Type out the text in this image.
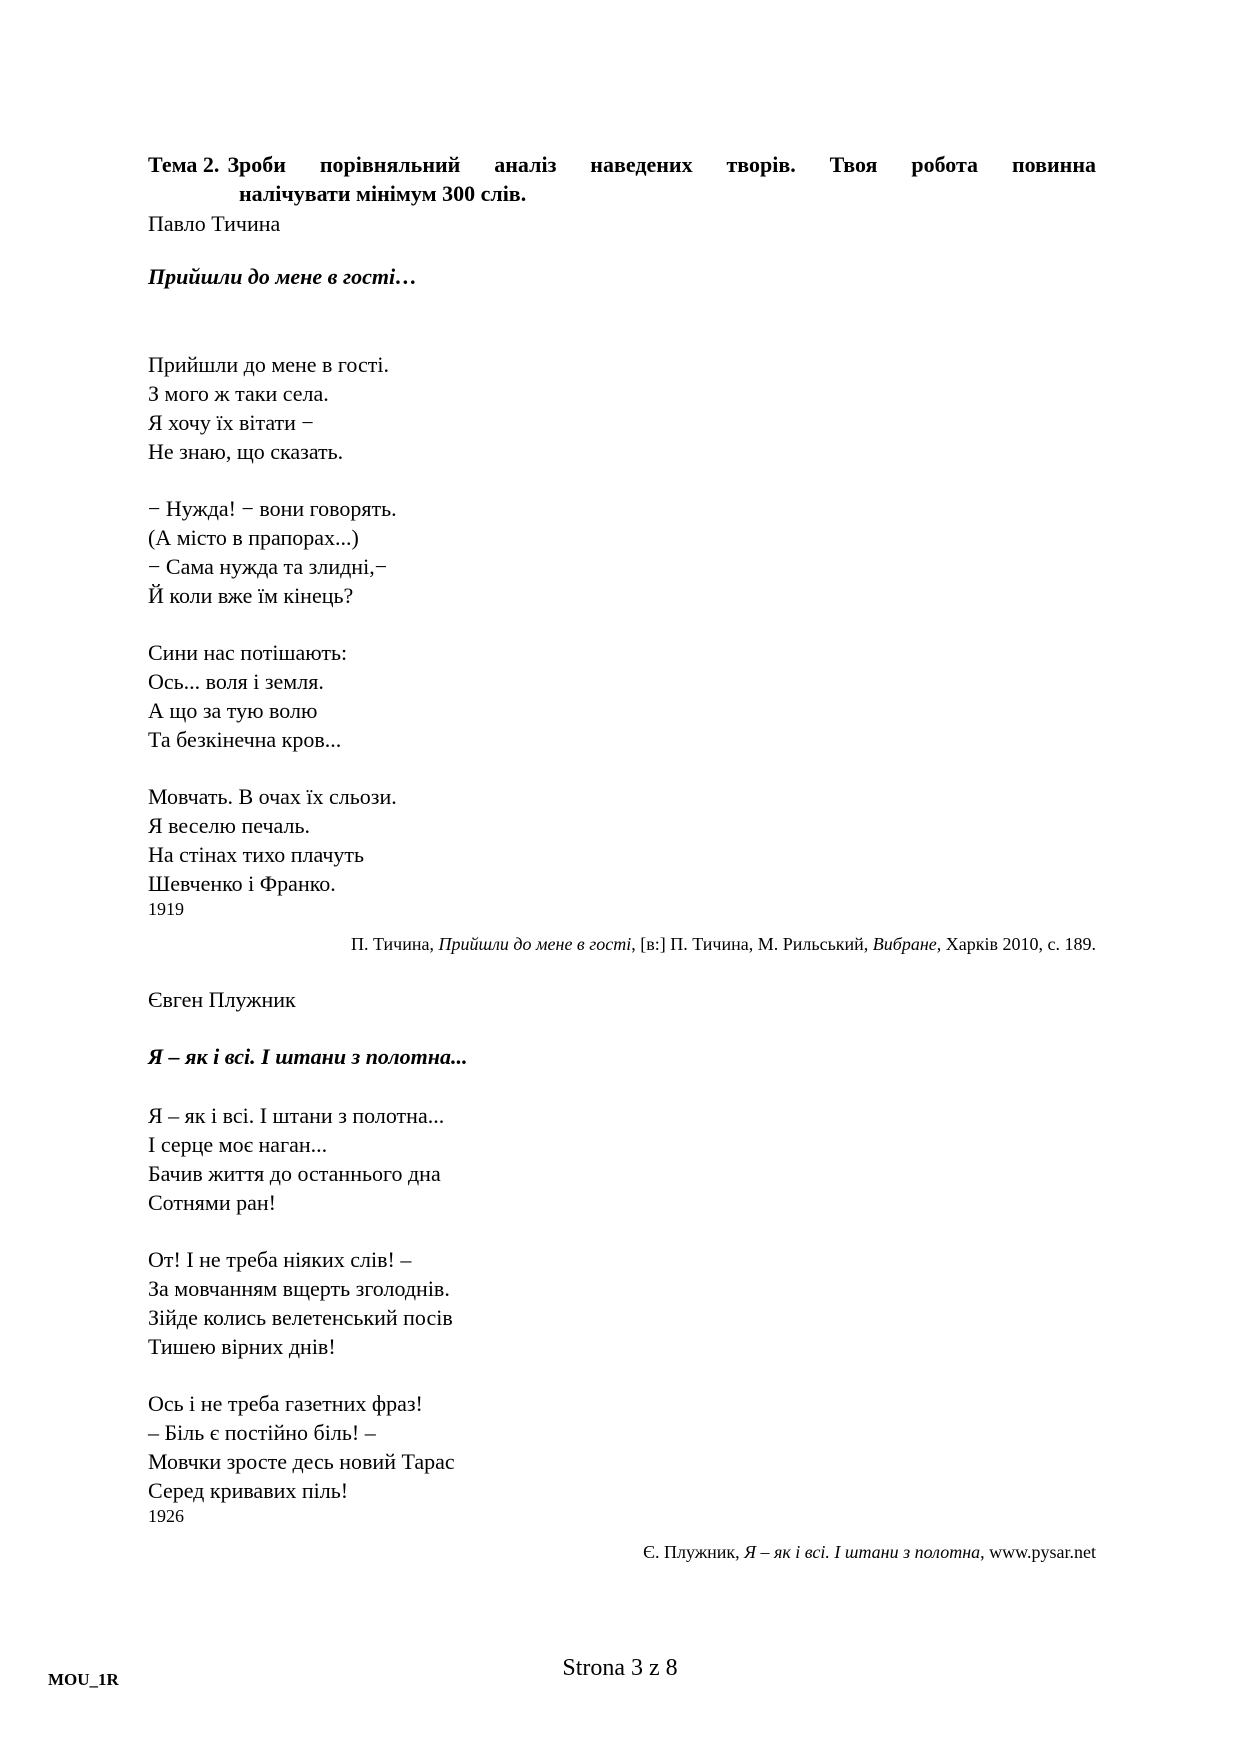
Тема 2. Зроби порівняльний аналіз наведених творів. Твоя робота повинна
налічувати мінімум 300 слів.
Павло Тичина
Прийшли до мене в гості…
Прийшли до мене в гості.
З мого ж таки села.
Я хочу їх вітати −
Не знаю, що сказать.
− Нужда! − вони говорять.
(А місто в прапорах...)
− Сама нужда та злидні,−
Й коли вже їм кінець?
Сини нас потішають:
Ось... воля і земля.
А що за тую волю
Та безкінечна кров...
Мовчать. В очах їх сльози.
Я веселю печаль.
На стінах тихо плачуть
Шевченко і Франко.
1919
П. Тичина, Прийшли до мене в гості, [в:] П. Тичина, М. Рильський, Вибране, Харків 2010, с. 189.
Євген Плужник
Я – як і всі. І штани з полотна...
Я – як і всі. І штани з полотна...
І серце моє наган...
Бачив життя до останнього дна
Сотнями ран!
От! І не треба ніяких слів! –
За мовчанням вщерть зголоднів.
Зійде колись велетенський посів
Тишею вірних днів!
Ось і не треба газетних фраз!
– Біль є постійно біль! –
Мовчки зросте десь новий Тарас
Серед кривавих піль!
1926
Є. Плужник, Я – як і всі. І штани з полотна, www.pysar.net
MOU_1R	Strona 3 z 8
